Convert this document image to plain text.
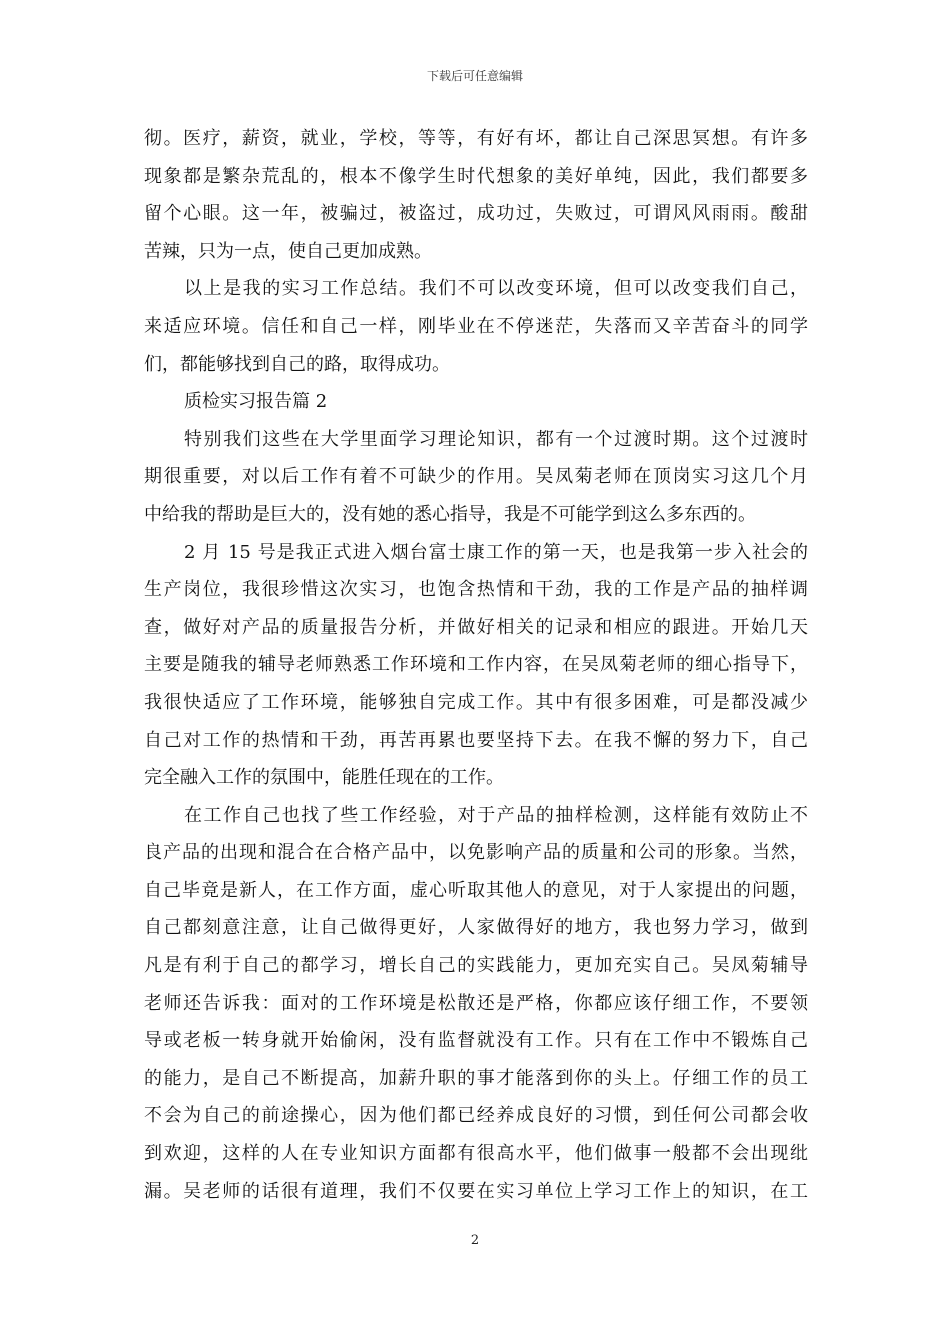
下载后可任意编辑
彻。医疗，薪资，就业，学校，等等，有好有坏，都让自己深思冥想。有许多
现象都是繁杂荒乱的，根本不像学生时代想象的美好单纯，因此，我们都要多
留个心眼。这一年，被骗过，被盗过，成功过，失败过，可谓风风雨雨。酸甜
苦辣，只为一点，使自己更加成熟。
以上是我的实习工作总结。我们不可以改变环境，但可以改变我们自己，
来适应环境。信任和自己一样，刚毕业在不停迷茫，失落而又辛苦奋斗的同学
们，都能够找到自己的路，取得成功。
质检实习报告篇 2
特别我们这些在大学里面学习理论知识，都有一个过渡时期。这个过渡时
期很重要，对以后工作有着不可缺少的作用。吴凤菊老师在顶岗实习这几个月
中给我的帮助是巨大的，没有她的悉心指导，我是不可能学到这么多东西的。
2 月 15 号是我正式进入烟台富士康工作的第一天，也是我第一步入社会的
生产岗位，我很珍惜这次实习，也饱含热情和干劲，我的工作是产品的抽样调
查，做好对产品的质量报告分析，并做好相关的记录和相应的跟进。开始几天
主要是随我的辅导老师熟悉工作环境和工作内容，在吴凤菊老师的细心指导下，
我很快适应了工作环境，能够独自完成工作。其中有很多困难，可是都没减少
自己对工作的热情和干劲，再苦再累也要坚持下去。在我不懈的努力下，自己
完全融入工作的氛围中，能胜任现在的工作。
在工作自己也找了些工作经验，对于产品的抽样检测，这样能有效防止不
良产品的出现和混合在合格产品中，以免影响产品的质量和公司的形象。当然，
自己毕竟是新人，在工作方面，虚心听取其他人的意见，对于人家提出的问题，
自己都刻意注意，让自己做得更好，人家做得好的地方，我也努力学习，做到
凡是有利于自己的都学习，增长自己的实践能力，更加充实自己。吴凤菊辅导
老师还告诉我：面对的工作环境是松散还是严格，你都应该仔细工作，不要领
导或老板一转身就开始偷闲，没有监督就没有工作。只有在工作中不锻炼自己
的能力，是自己不断提高，加薪升职的事才能落到你的头上。仔细工作的员工
不会为自己的前途操心，因为他们都已经养成良好的习惯，到任何公司都会收
到欢迎，这样的人在专业知识方面都有很高水平，他们做事一般都不会出现纰
漏。吴老师的话很有道理，我们不仅要在实习单位上学习工作上的知识，在工
2
